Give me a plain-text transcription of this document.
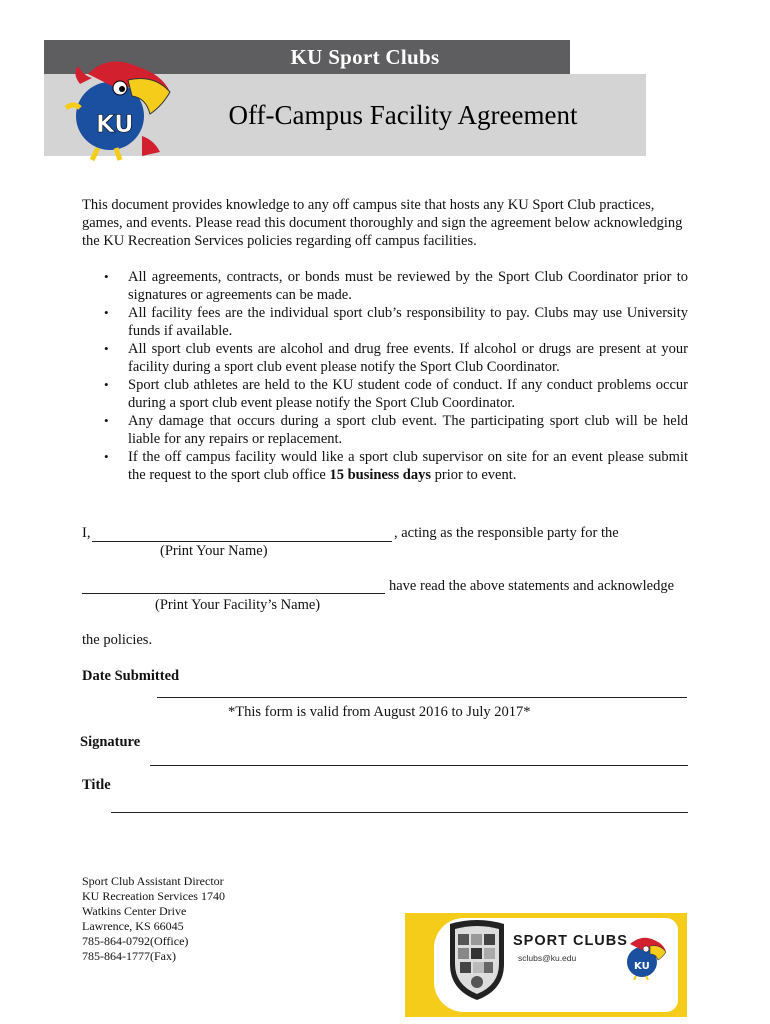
KU Sport Clubs
Off-Campus Facility Agreement
KU

This document provides knowledge to any off campus site that hosts any KU Sport Club practices, games, and events. Please read this document thoroughly and sign the agreement below acknowledging the KU Recreation Services policies regarding off campus facilities.

• All agreements, contracts, or bonds must be reviewed by the Sport Club Coordinator prior to signatures or agreements can be made.
• All facility fees are the individual sport club’s responsibility to pay. Clubs may use University funds if available.
• All sport club events are alcohol and drug free events. If alcohol or drugs are present at your facility during a sport club event please notify the Sport Club Coordinator.
• Sport club athletes are held to the KU student code of conduct. If any conduct problems occur during a sport club event please notify the Sport Club Coordinator.
• Any damage that occurs during a sport club event. The participating sport club will be held liable for any repairs or replacement.
• If the off campus facility would like a sport club supervisor on site for an event please submit the request to the sport club office 15 business days prior to event.
I,	, acting as the responsible party for the
(Print Your Name)
have read the above statements and acknowledge
(Print Your Facility’s Name)
the policies.
Date Submitted
*This form is valid from August 2016 to July 2017*
Signature
Title
Sport Club Assistant Director
KU Recreation Services 1740
Watkins Center Drive
Lawrence, KS 66045
785-864-0792(Office)
785-864-1777(Fax)
SPORT CLUBS
sclubs@ku.edu
KU
